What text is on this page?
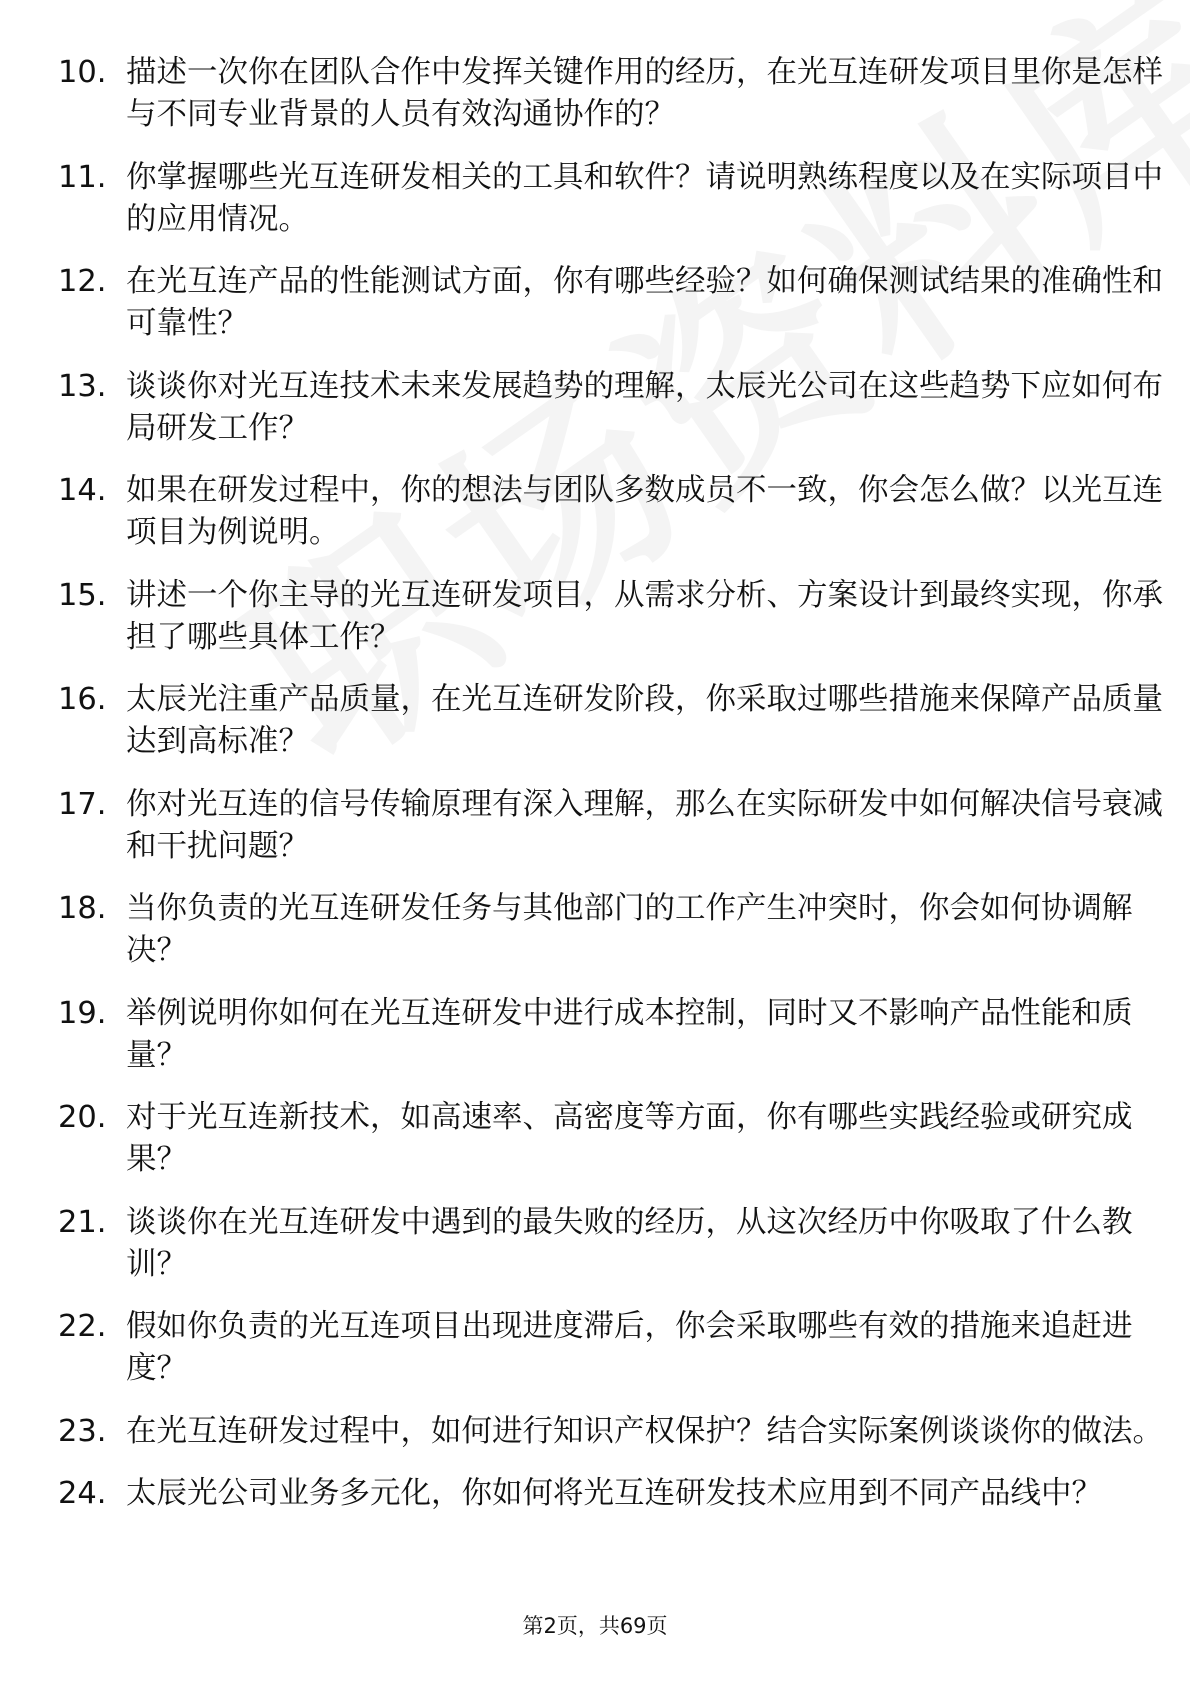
10. 描述一次你在团队合作中发挥关键作用的经历，在光互连研发项目里你是怎样与不同专业背景的人员有效沟通协作的？
11. 你掌握哪些光互连研发相关的工具和软件？请说明熟练程度以及在实际项目中的应用情况。
12. 在光互连产品的性能测试方面，你有哪些经验？如何确保测试结果的准确性和可靠性？
13. 谈谈你对光互连技术未来发展趋势的理解，太辰光公司在这些趋势下应如何布局研发工作？
14. 如果在研发过程中，你的想法与团队多数成员不一致，你会怎么做？以光互连项目为例说明。
15. 讲述一个你主导的光互连研发项目，从需求分析、方案设计到最终实现，你承担了哪些具体工作？
16. 太辰光注重产品质量，在光互连研发阶段，你采取过哪些措施来保障产品质量达到高标准？
17. 你对光互连的信号传输原理有深入理解，那么在实际研发中如何解决信号衰减和干扰问题？
18. 当你负责的光互连研发任务与其他部门的工作产生冲突时，你会如何协调解决？
19. 举例说明你如何在光互连研发中进行成本控制，同时又不影响产品性能和质量？
20. 对于光互连新技术，如高速率、高密度等方面，你有哪些实践经验或研究成果？
21. 谈谈你在光互连研发中遇到的最失败的经历，从这次经历中你吸取了什么教训？
22. 假如你负责的光互连项目出现进度滞后，你会采取哪些有效的措施来追赶进度？
23. 在光互连研发过程中，如何进行知识产权保护？结合实际案例谈谈你的做法。
24. 太辰光公司业务多元化，你如何将光互连研发技术应用到不同产品线中？
第2页，共69页
